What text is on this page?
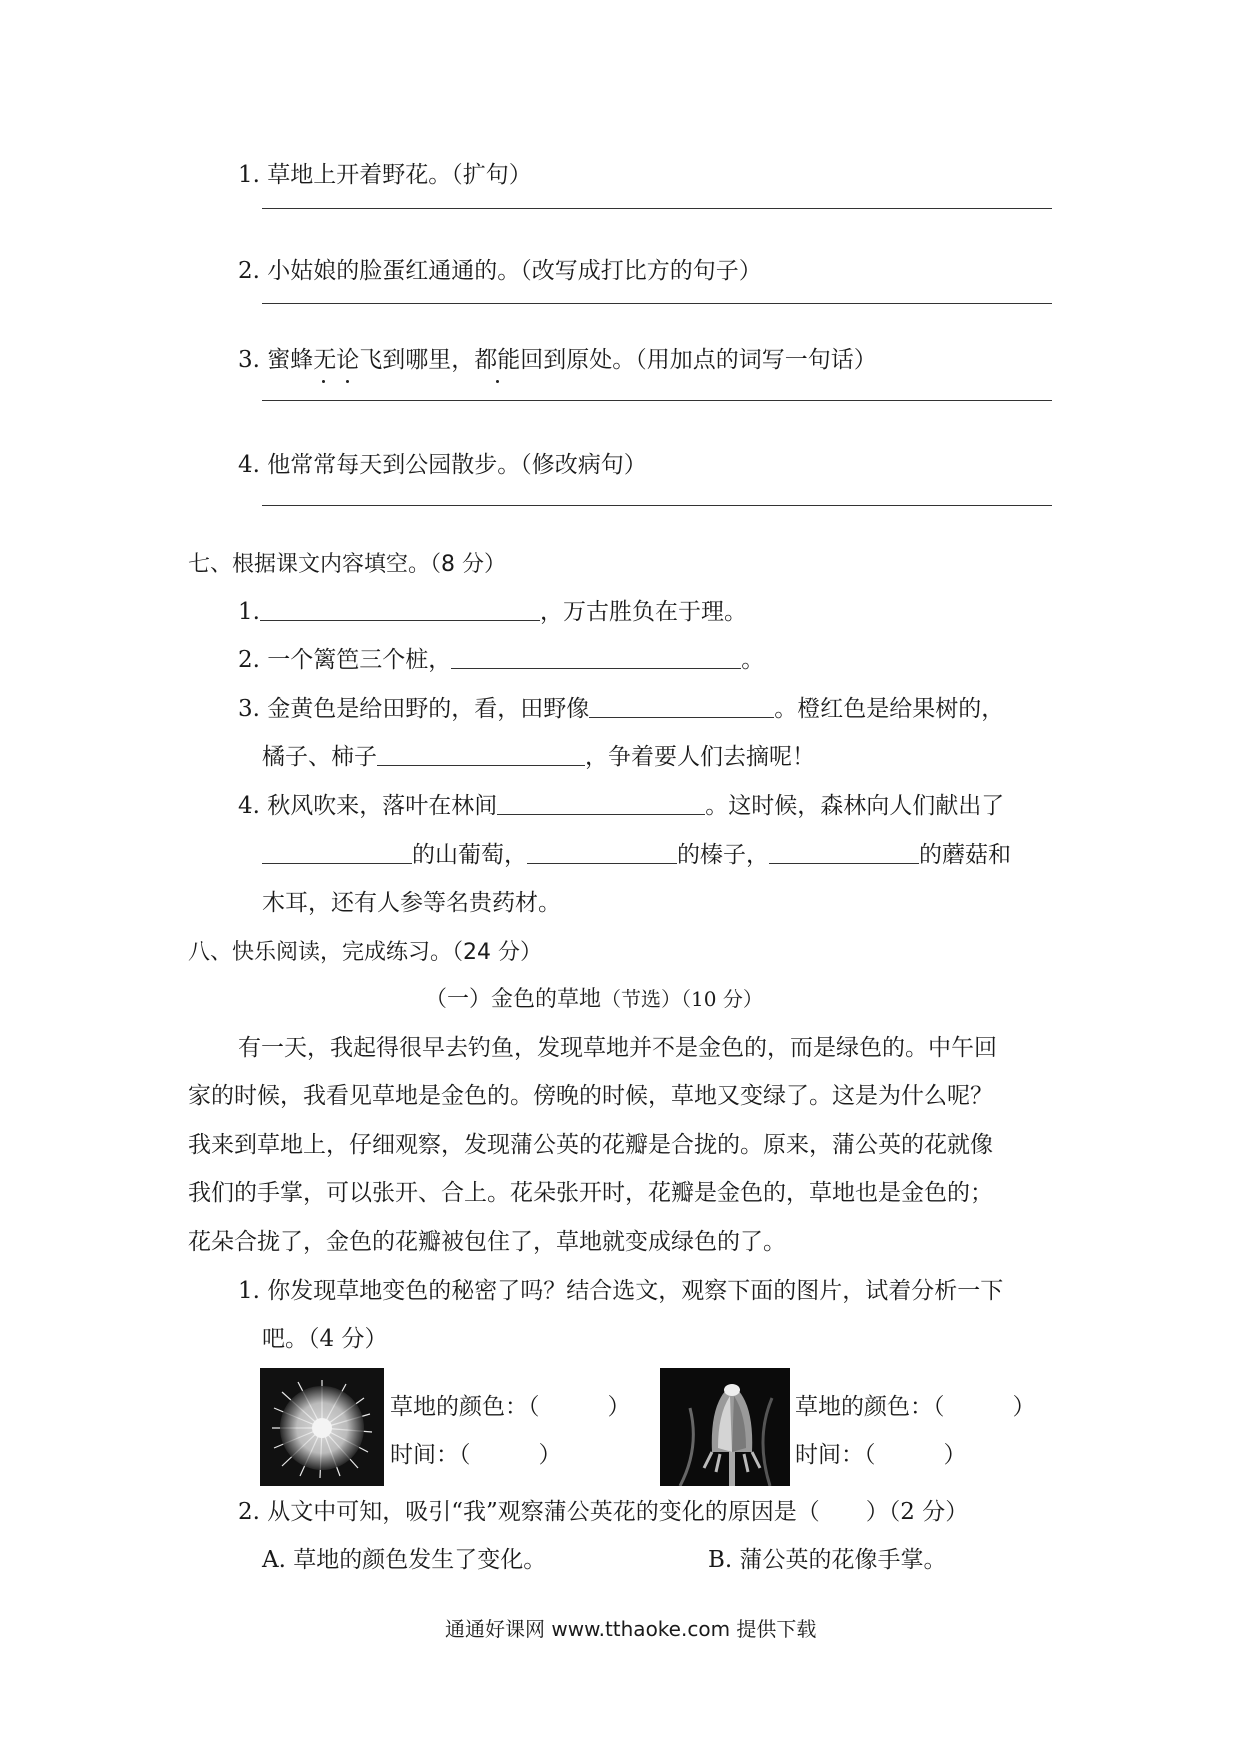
1. 草地上开着野花。（扩句）
2. 小姑娘的脸蛋红通通的。（改写成打比方的句子）
3. 蜜蜂无论飞到哪里，都能回到原处。（用加点的词写一句话）
4. 他常常每天到公园散步。（修改病句）
七、根据课文内容填空。（8 分）
1.	，万古胜负在于理。
2. 一个篱笆三个桩，	。
3. 金黄色是给田野的，看，田野像	。橙红色是给果树的，
橘子、柿子	，争着要人们去摘呢！
4. 秋风吹来，落叶在林间	。这时候，森林向人们献出了
的山葡萄，	的榛子，	的蘑菇和
木耳，还有人参等名贵药材。
八、快乐阅读，完成练习。（24 分）
（一）金色的草地（节选）（10 分）
有一天，我起得很早去钓鱼，发现草地并不是金色的，而是绿色的。中午回
家的时候，我看见草地是金色的。傍晚的时候，草地又变绿了。这是为什么呢？
我来到草地上，仔细观察，发现蒲公英的花瓣是合拢的。原来，蒲公英的花就像
我们的手掌，可以张开、合上。花朵张开时，花瓣是金色的，草地也是金色的；
花朵合拢了，金色的花瓣被包住了，草地就变成绿色的了。
1. 你发现草地变色的秘密了吗？结合选文，观察下面的图片，试着分析一下
吧。（4 分）
草地的颜色：（	）
时间：（	）
草地的颜色：（	）
时间：（	）
2. 从文中可知，吸引“我”观察蒲公英花的变化的原因是（　　）（2 分）
A. 草地的颜色发生了变化。	B. 蒲公英的花像手掌。
通通好课网 www.tthaoke.com 提供下载
